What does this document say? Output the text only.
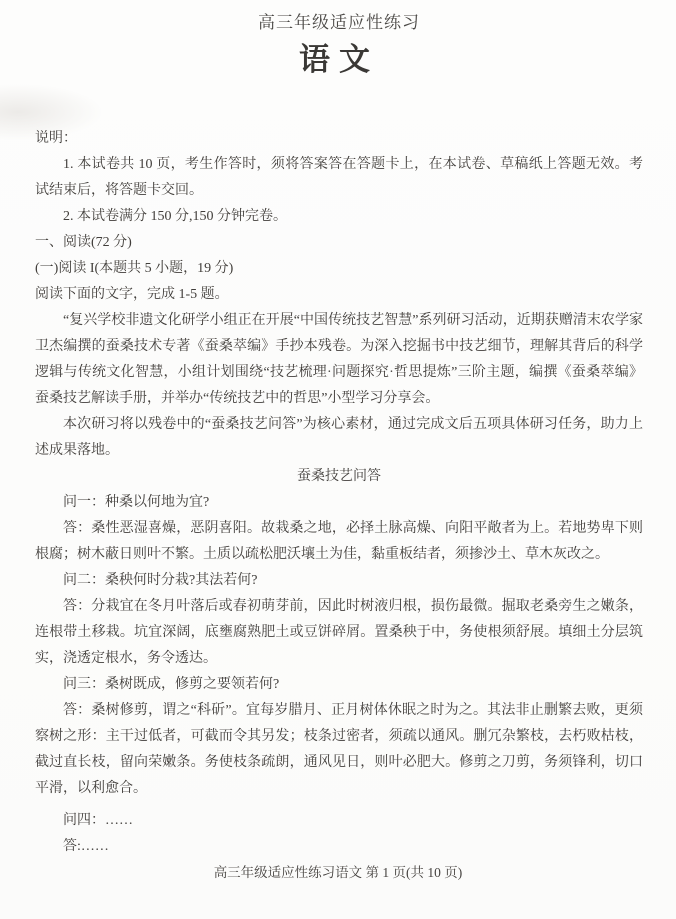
高三年级适应性练习
语文

说明：

1. 本试卷共 10 页，考生作答时，须将答案答在答题卡上，在本试卷、草稿纸上答题无效。考试结束后，将答题卡交回。

2. 本试卷满分 150 分,150 分钟完卷。

一、阅读(72 分)

(一)阅读 I(本题共 5 小题，19 分)

阅读下面的文字，完成 1-5 题。

“复兴学校非遗文化研学小组正在开展“中国传统技艺智慧”系列研习活动，近期获赠清末农学家卫杰编撰的蚕桑技术专著《蚕桑萃编》手抄本残卷。为深入挖掘书中技艺细节，理解其背后的科学逻辑与传统文化智慧，小组计划围绕“技艺梳理·问题探究·哲思提炼”三阶主题，编撰《蚕桑萃编》蚕桑技艺解读手册，并举办“传统技艺中的哲思”小型学习分享会。

本次研习将以残卷中的“蚕桑技艺问答”为核心素材，通过完成文后五项具体研习任务，助力上述成果落地。

蚕桑技艺问答

问一：种桑以何地为宜?

答：桑性恶湿喜燥，恶阴喜阳。故栽桑之地，必择土脉高燥、向阳平敞者为上。若地势卑下则根腐；树木蔽日则叶不繁。土质以疏松肥沃壤土为佳，黏重板结者，须掺沙土、草木灰改之。

问二：桑秧何时分栽?其法若何?

答：分栽宜在冬月叶落后或春初萌芽前，因此时树液归根，损伤最微。掘取老桑旁生之嫩条，连根带土移栽。坑宜深阔，底壅腐熟肥土或豆饼碎屑。置桑秧于中，务使根须舒展。填细土分层筑实，浇透定根水，务令透达。

问三：桑树既成，修剪之要领若何?

答：桑树修剪，谓之“科斫”。宜每岁腊月、正月树体休眠之时为之。其法非止删繁去败，更须察树之形：主干过低者，可截而令其另发；枝条过密者，须疏以通风。删冗杂繁枝，去朽败枯枝，截过直长枝，留向荣嫩条。务使枝条疏朗，通风见日，则叶必肥大。修剪之刀剪，务须锋利，切口平滑，以利愈合。

问四：……

答:……

高三年级适应性练习语文 第 1 页(共 10 页)
